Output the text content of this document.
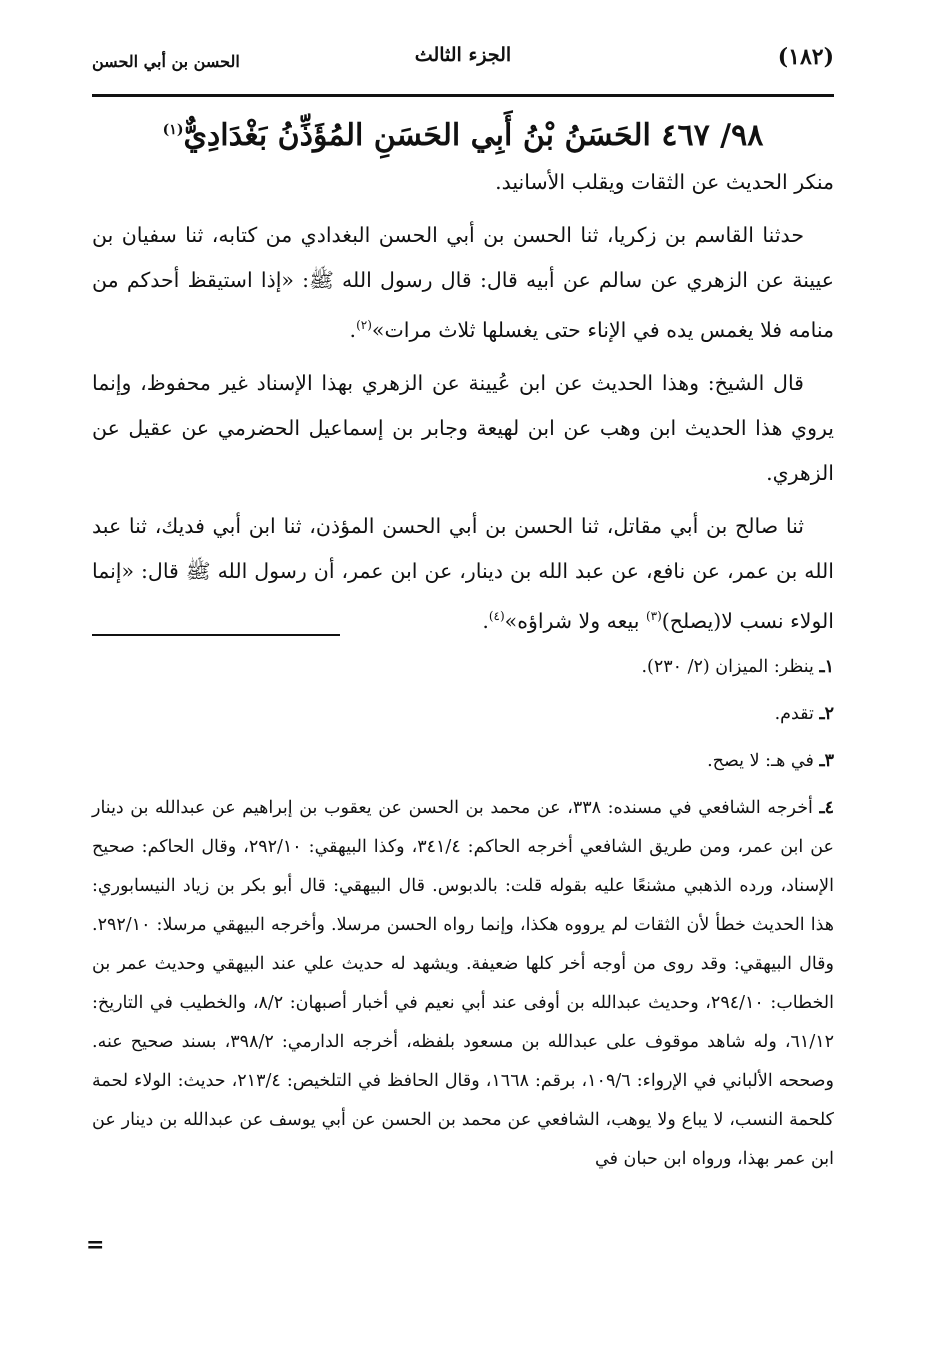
(١٨٢)
الجزء الثالث
الحسن بن أبي الحسن
٩٨/ ٤٦٧ الحَسَنُ بْنُ أَبِي الحَسَنِ المُؤَذِّنُ بَغْدَادِيٌّ$^{(١)}$

منكر الحديث عن الثقات ويقلب الأسانيد.

حدثنا القاسم بن زكريا، ثنا الحسن بن أبي الحسن البغدادي من كتابه، ثنا سفيان بن عيينة عن الزهري عن سالم عن أبيه قال: قال رسول الله ﷺ: «إذا استيقظ أحدكم من منامه فلا يغمس يده في الإناء حتى يغسلها ثلاث مرات»$^{(٢)}$.

قال الشيخ: وهذا الحديث عن ابن عُيينة عن الزهري بهذا الإسناد غير محفوظ، وإنما يروي هذا الحديث ابن وهب عن ابن لهيعة وجابر بن إسماعيل الحضرمي عن عقيل عن الزهري.

ثنا صالح بن أبي مقاتل، ثنا الحسن بن أبي الحسن المؤذن، ثنا ابن أبي فديك، ثنا عبد الله بن عمر، عن نافع، عن عبد الله بن دينار، عن ابن عمر، أن رسول الله ﷺ قال: «إنما الولاء نسب لا(يصلح)$^{(٣)}$ بيعه ولا شراؤه»$^{(٤)}$.

١ـ ينظر: الميزان (٢/ ٢٣٠).
٢ـ تقدم.
٣ـ في هـ: لا يصح.
٤ـ أخرجه الشافعي في مسنده: ٣٣٨، عن محمد بن الحسن عن يعقوب بن إبراهيم عن عبدالله بن دينار عن ابن عمر، ومن طريق الشافعي أخرجه الحاكم: ٣٤١/٤، وكذا البيهقي: ٢٩٢/١٠، وقال الحاكم: صحيح الإسناد، ورده الذهبي مشنعًا عليه بقوله قلت: بالدبوس. قال البيهقي: قال أبو بكر بن زياد النيسابوري: هذا الحديث خطأ لأن الثقات لم يرووه هكذا، وإنما رواه الحسن مرسلا. وأخرجه البيهقي مرسلا: ٢٩٢/١٠. وقال البيهقي: وقد روى من أوجه أخر كلها ضعيفة. ويشهد له حديث علي عند البيهقي وحديث عمر بن الخطاب: ٢٩٤/١٠، وحديث عبدالله بن أوفى عند أبي نعيم في أخبار أصبهان: ٨/٢، والخطيب في التاريخ: ٦١/١٢، وله شاهد موقوف على عبدالله بن مسعود بلفظه، أخرجه الدارمي: ٣٩٨/٢، بسند صحيح عنه. وصححه الألباني في الإرواء: ١٠٩/٦، برقم: ١٦٦٨، وقال الحافظ في التلخيص: ٢١٣/٤، حديث: الولاء لحمة كلحمة النسب، لا يباع ولا يوهب، الشافعي عن محمد بن الحسن عن أبي يوسف عن عبدالله بن دينار عن ابن عمر بهذا، ورواه ابن حبان في
=
